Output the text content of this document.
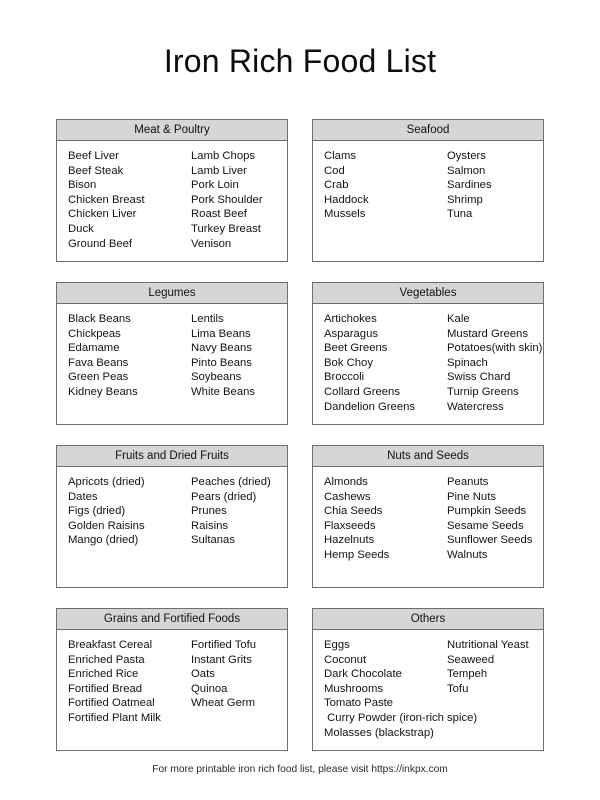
Iron Rich Food List
Meat & Poultry
Beef Liver	Lamb Chops
Beef Steak	Lamb Liver
Bison	Pork Loin
Chicken Breast	Pork Shoulder
Chicken Liver	Roast Beef
Duck	Turkey Breast
Ground Beef	Venison
Seafood
Clams	Oysters
Cod	Salmon
Crab	Sardines
Haddock	Shrimp
Mussels	Tuna
Legumes
Black Beans	Lentils
Chickpeas	Lima Beans
Edamame	Navy Beans
Fava Beans	Pinto Beans
Green Peas	Soybeans
Kidney Beans	White Beans
Vegetables
Artichokes	Kale
Asparagus	Mustard Greens
Beet Greens	Potatoes(with skin)
Bok Choy	Spinach
Broccoli	Swiss Chard
Collard Greens	Turnip Greens
Dandelion Greens	Watercress
Fruits and Dried Fruits
Apricots (dried)	Peaches (dried)
Dates	Pears (dried)
Figs (dried)	Prunes
Golden Raisins	Raisins
Mango (dried)	Sultanas
Nuts and Seeds
Almonds	Peanuts
Cashews	Pine Nuts
Chia Seeds	Pumpkin Seeds
Flaxseeds	Sesame Seeds
Hazelnuts	Sunflower Seeds
Hemp Seeds	Walnuts
Grains and Fortified Foods
Breakfast Cereal	Fortified Tofu
Enriched Pasta	Instant Grits
Enriched Rice	Oats
Fortified Bread	Quinoa
Fortified Oatmeal	Wheat Germ
Fortified Plant Milk
Others
Eggs	Nutritional Yeast
Coconut	Seaweed
Dark Chocolate	Tempeh
Mushrooms	Tofu
Tomato Paste
Curry Powder (iron-rich spice)
Molasses (blackstrap)
For more printable iron rich food list, please visit https://inkpx.com
